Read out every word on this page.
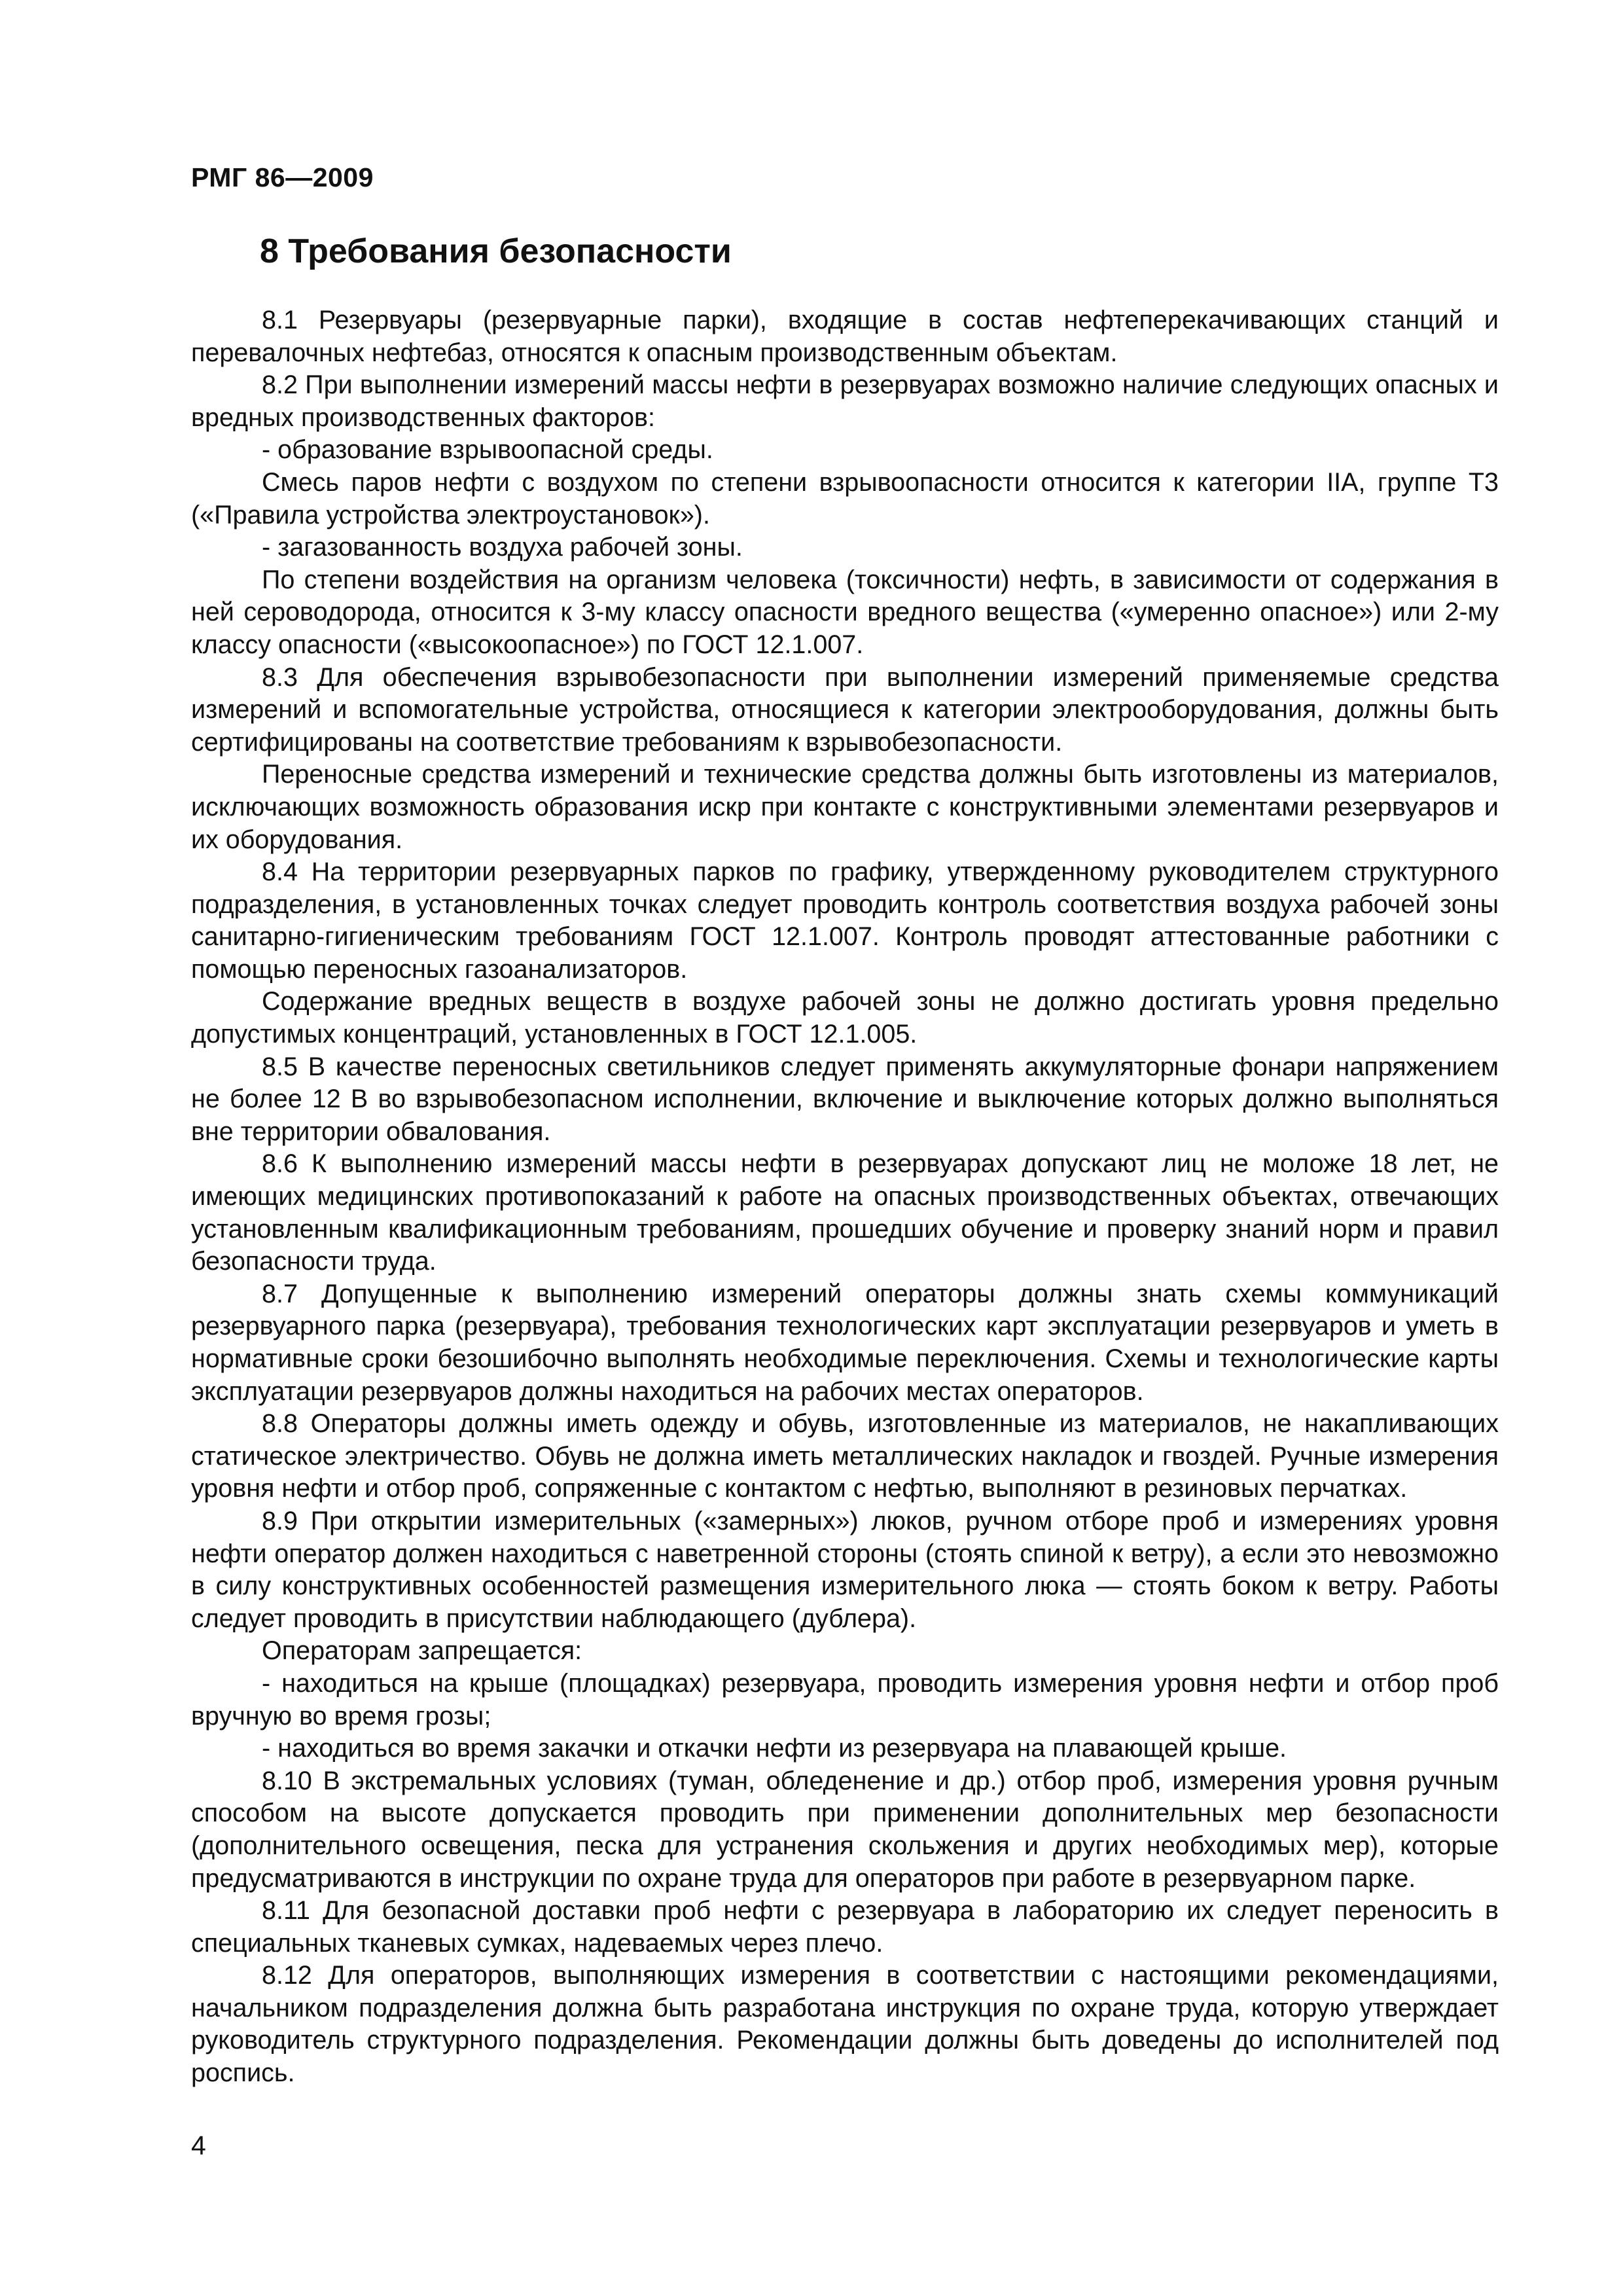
РМГ 86—2009
8 Требования безопасности

8.1 Резервуары (резервуарные парки), входящие в состав нефтеперекачивающих станций и перевалочных нефтебаз, относятся к опасным производственным объектам.

8.2 При выполнении измерений массы нефти в резервуарах возможно наличие следующих опасных и вредных производственных факторов:

- образование взрывоопасной среды.

Смесь паров нефти с воздухом по степени взрывоопасности относится к категории IIA, группе Т3 («Правила устройства электроустановок»).

- загазованность воздуха рабочей зоны.

По степени воздействия на организм человека (токсичности) нефть, в зависимости от содержания в ней сероводорода, относится к 3-му классу опасности вредного вещества («умеренно опасное») или 2-му классу опасности («высокоопасное») по ГОСТ 12.1.007.

8.3 Для обеспечения взрывобезопасности при выполнении измерений применяемые средства измерений и вспомогательные устройства, относящиеся к категории электрооборудования, должны быть сертифицированы на соответствие требованиям к взрывобезопасности.

Переносные средства измерений и технические средства должны быть изготовлены из материалов, исключающих возможность образования искр при контакте с конструктивными элементами резервуаров и их оборудования.

8.4 На территории резервуарных парков по графику, утвержденному руководителем структурного подразделения, в установленных точках следует проводить контроль соответствия воздуха рабочей зоны санитарно-гигиеническим требованиям ГОСТ 12.1.007. Контроль проводят аттестованные работники с помощью переносных газоанализаторов.

Содержание вредных веществ в воздухе рабочей зоны не должно достигать уровня предельно допустимых концентраций, установленных в ГОСТ 12.1.005.

8.5 В качестве переносных светильников следует применять аккумуляторные фонари напряжением не более 12 В во взрывобезопасном исполнении, включение и выключение которых должно выполняться вне территории обвалования.

8.6 К выполнению измерений массы нефти в резервуарах допускают лиц не моложе 18 лет, не имеющих медицинских противопоказаний к работе на опасных производственных объектах, отвечающих установленным квалификационным требованиям, прошедших обучение и проверку знаний норм и правил безопасности труда.

8.7 Допущенные к выполнению измерений операторы должны знать схемы коммуникаций резервуарного парка (резервуара), требования технологических карт эксплуатации резервуаров и уметь в нормативные сроки безошибочно выполнять необходимые переключения. Схемы и технологические карты эксплуатации резервуаров должны находиться на рабочих местах операторов.

8.8 Операторы должны иметь одежду и обувь, изготовленные из материалов, не накапливающих статическое электричество. Обувь не должна иметь металлических накладок и гвоздей. Ручные измерения уровня нефти и отбор проб, сопряженные с контактом с нефтью, выполняют в резиновых перчатках.

8.9 При открытии измерительных («замерных») люков, ручном отборе проб и измерениях уровня нефти оператор должен находиться с наветренной стороны (стоять спиной к ветру), а если это невозможно в силу конструктивных особенностей размещения измерительного люка — стоять боком к ветру. Работы следует проводить в присутствии наблюдающего (дублера).

Операторам запрещается:

- находиться на крыше (площадках) резервуара, проводить измерения уровня нефти и отбор проб вручную во время грозы;

- находиться во время закачки и откачки нефти из резервуара на плавающей крыше.

8.10 В экстремальных условиях (туман, обледенение и др.) отбор проб, измерения уровня ручным способом на высоте допускается проводить при применении дополнительных мер безопасности (дополнительного освещения, песка для устранения скольжения и других необходимых мер), которые предусматриваются в инструкции по охране труда для операторов при работе в резервуарном парке.

8.11 Для безопасной доставки проб нефти с резервуара в лабораторию их следует переносить в специальных тканевых сумках, надеваемых через плечо.

8.12 Для операторов, выполняющих измерения в соответствии с настоящими рекомендациями, начальником подразделения должна быть разработана инструкция по охране труда, которую утверждает руководитель структурного подразделения. Рекомендации должны быть доведены до исполнителей под роспись.

4
